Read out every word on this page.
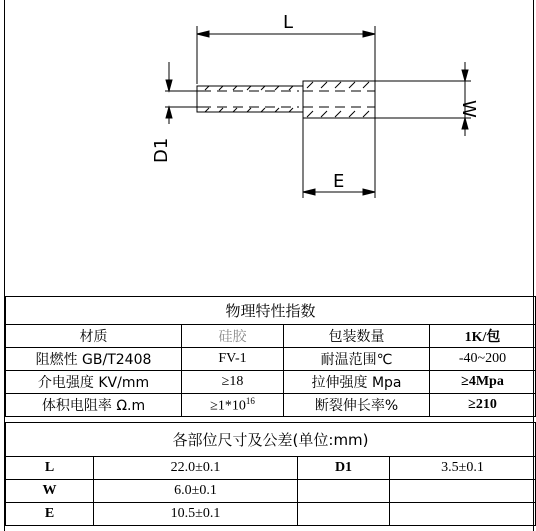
L
E
W
D1
物理特性指数			
材质	硅胶	包装数量	1K/包
阻燃性 GB/T2408	FV-1	耐温范围℃	-40~200
介电强度 KV/mm	≥18	拉伸强度 Mpa	≥4Mpa
体积电阻率 Ω.m	$\ge 1*10^{16}$	断裂伸长率%	≥210
各部位尺寸及公差(单位:mm)			
L	22.0±0.1	D1	3.5±0.1
W	6.0±0.1		
E	10.5±0.1		
